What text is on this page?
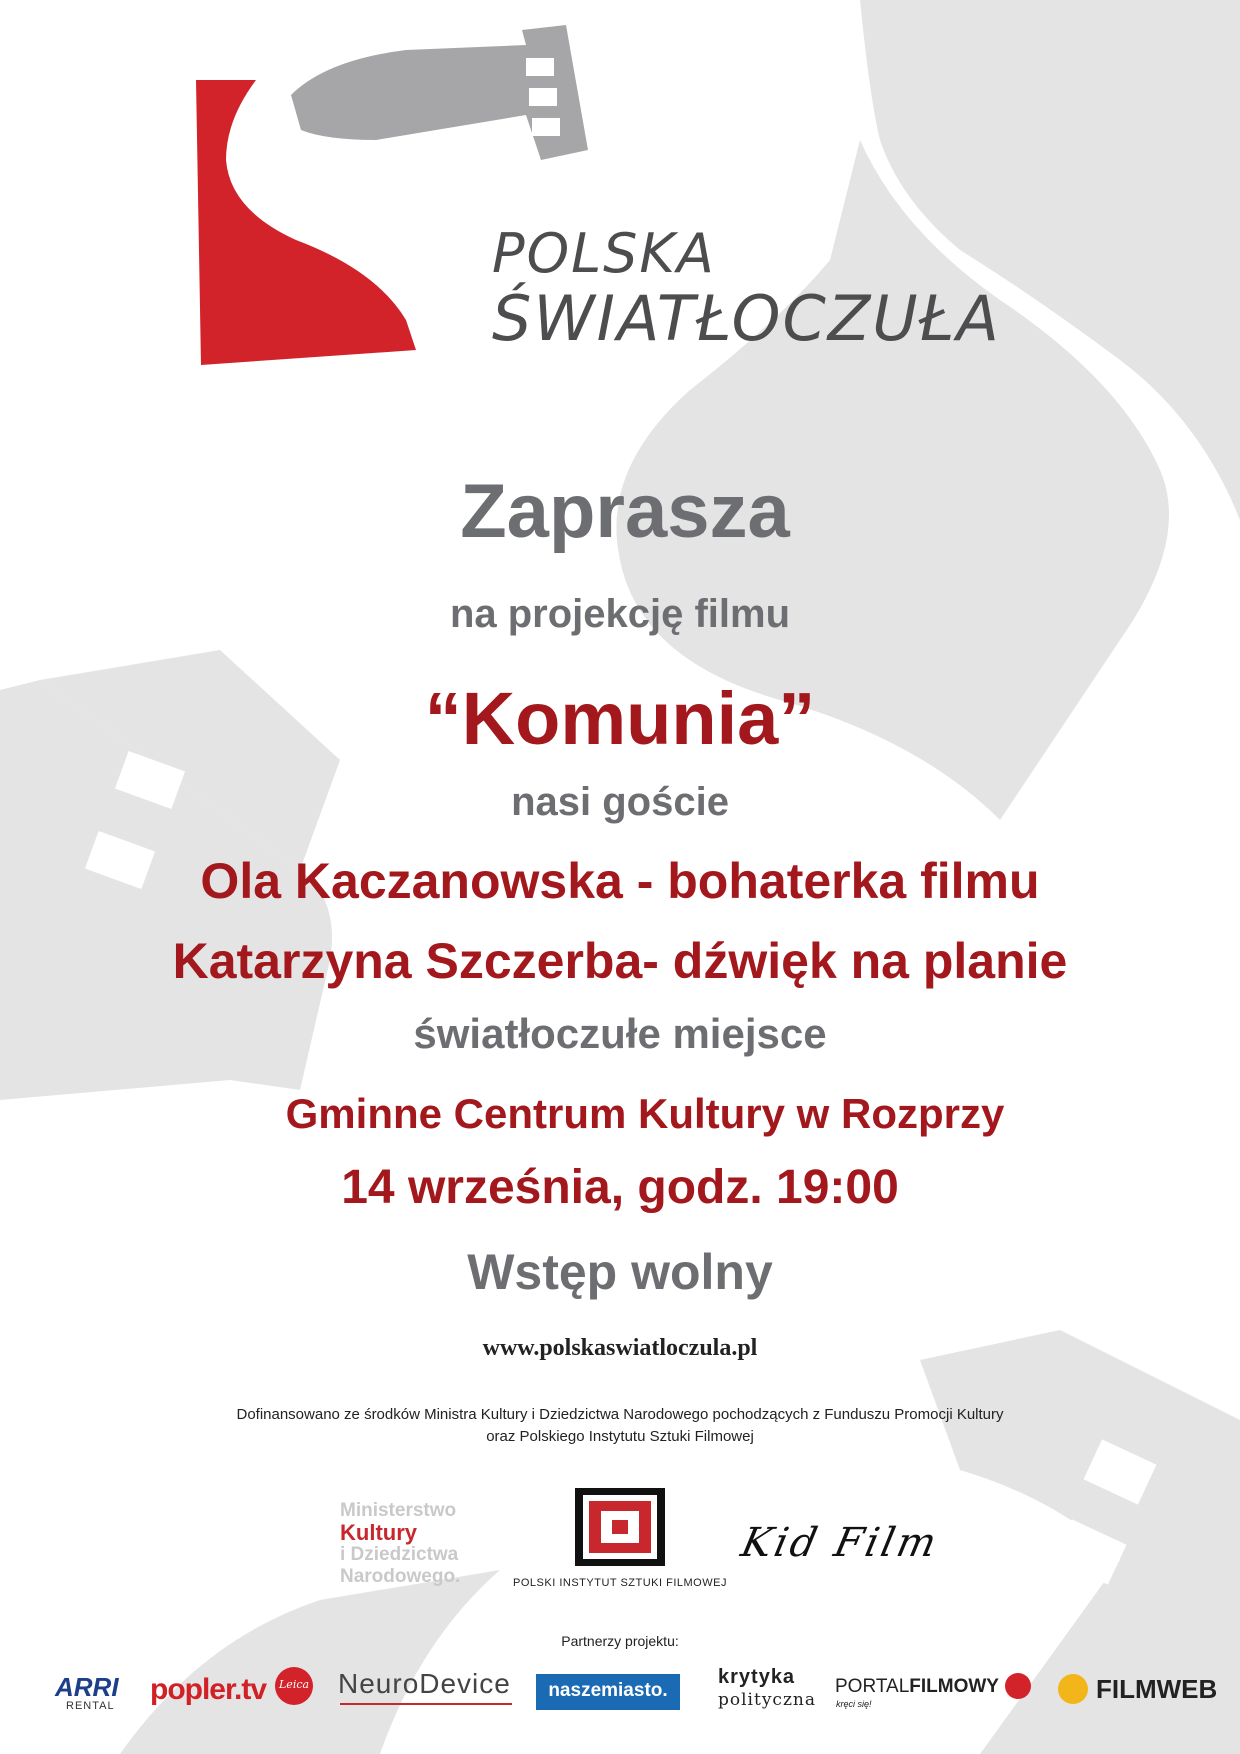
POLSKA
ŚWIATŁOCZUŁA
Zaprasza
na projekcję filmu
“Komunia”
nasi goście
Ola Kaczanowska - bohaterka filmu
Katarzyna Szczerba- dźwięk na planie
światłoczułe miejsce
Gminne Centrum Kultury w Rozprzy
14 września, godz. 19:00
Wstęp wolny
www.polskaswiatloczula.pl
Dofinansowano ze środków Ministra Kultury i Dziedzictwa Narodowego pochodzących z Funduszu Promocji Kultury
oraz Polskiego Instytutu Sztuki Filmowej
Ministerstwo
Kultury
i Dziedzictwa
Narodowego.	POLSKI INSTYTUT SZTUKI FILMOWEJ
Kid Film
Partnerzy projektu:
ARRI
RENTAL popler.tv Leica NeuroDevice	naszemiasto.
krytyka
polityczna
PORTALFILMOWY
kręci się!	FILMWEB
